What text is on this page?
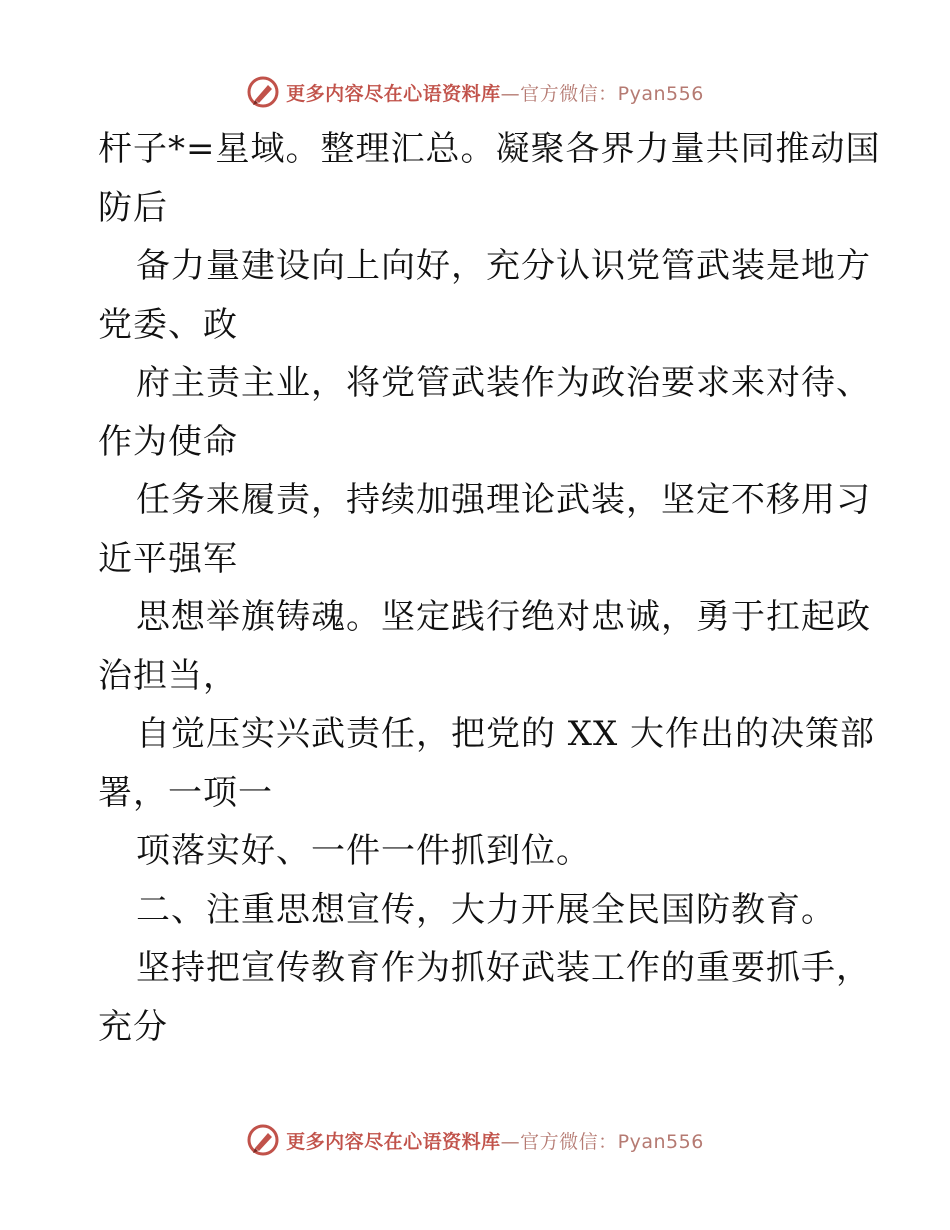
更多内容尽在心语资料库—官方微信：Pyan556
杆子*=星域。整理汇总。凝聚各界力量共同推动国
防后
备力量建设向上向好，充分认识党管武装是地方
党委、政
府主责主业，将党管武装作为政治要求来对待、
作为使命
任务来履责，持续加强理论武装，坚定不移用习
近平强军
思想举旗铸魂。坚定践行绝对忠诚，勇于扛起政
治担当，
自觉压实兴武责任，把党的 XX 大作出的决策部
署，一项一
项落实好、一件一件抓到位。
二、注重思想宣传，大力开展全民国防教育。
坚持把宣传教育作为抓好武装工作的重要抓手，
充分
更多内容尽在心语资料库—官方微信：Pyan556
